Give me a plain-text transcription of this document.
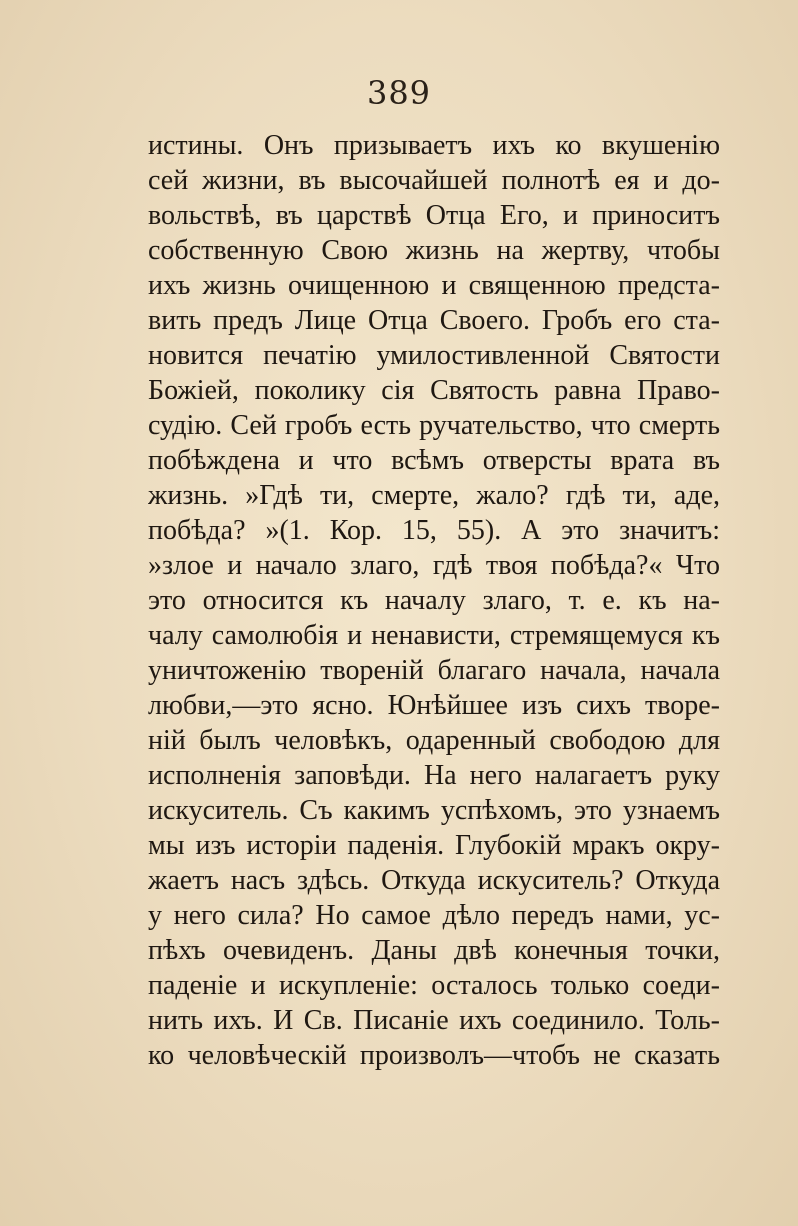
389
истины. Онъ призываетъ ихъ ко вкушенію
сей жизни, въ высочайшей полнотѣ ея и до-
вольствѣ, въ царствѣ Отца Его, и приноситъ
собственную Свою жизнь на жертву, чтобы
ихъ жизнь очищенною и священною предста-
вить предъ Лице Отца Своего. Гробъ его ста-
новится печатію умилостивленной Святости
Божіей, поколику сія Святость равна Право-
судію. Сей гробъ есть ручательство, что смерть
побѣждена и что всѣмъ отверсты врата въ
жизнь. »Гдѣ ти, смерте, жало? гдѣ ти, аде,
побѣда? »(1. Кор. 15, 55). А это значитъ:
»злое и начало злаго, гдѣ твоя побѣда?« Что
это относится къ началу злаго, т. е. къ на-
чалу самолюбія и ненависти, стремящемуся къ
уничтоженію твореній благаго начала, начала
любви,—это ясно. Юнѣйшее изъ сихъ творе-
ній былъ человѣкъ, одаренный свободою для
исполненія заповѣди. На него налагаетъ руку
искуситель. Съ какимъ успѣхомъ, это узнаемъ
мы изъ исторіи паденія. Глубокій мракъ окру-
жаетъ насъ здѣсь. Откуда искуситель? Откуда
у него сила? Но самое дѣло передъ нами, ус-
пѣхъ очевиденъ. Даны двѣ конечныя точки,
паденіе и искупленіе: осталось только соеди-
нить ихъ. И Св. Писаніе ихъ соединило. Толь-
ко человѣческій произволъ—чтобъ не сказать
